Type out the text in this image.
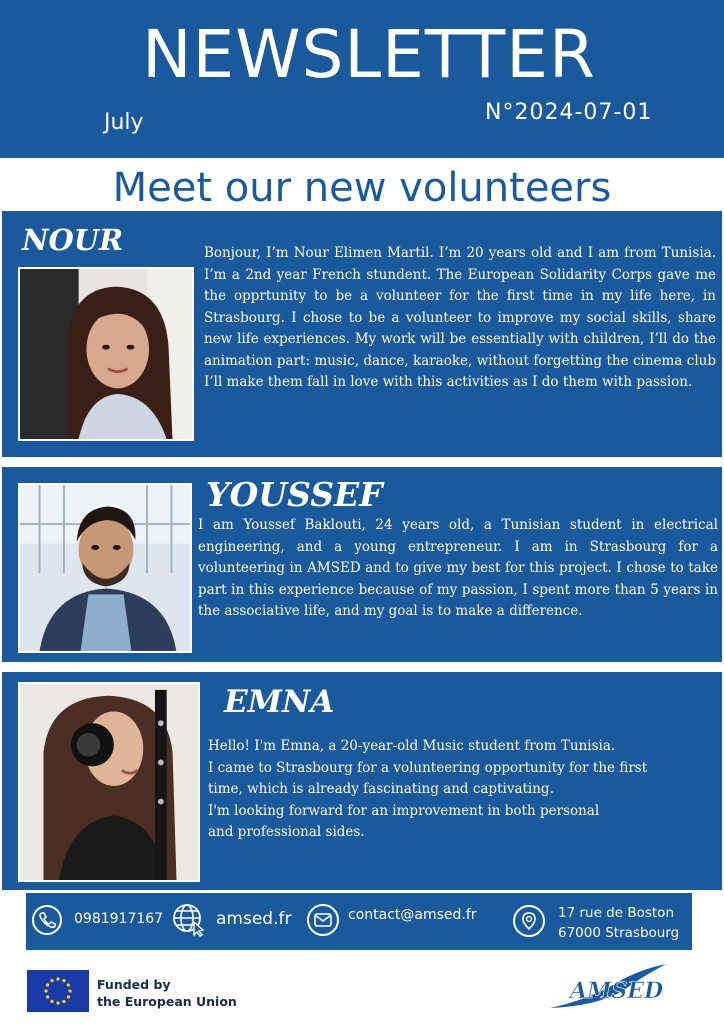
NEWSLETTER
July	N°2024-07-01
Meet our new volunteers
NOUR	Bonjour, I’m Nour Elimen Martil. I’m 20 years old and I am from Tunisia. I’m a 2nd year French stundent. The European Solidarity Corps gave me the opprtunity to be a volunteer for the first time in my life here, in Strasbourg. I chose to be a volunteer to improve my social skills, share new life experiences. My work will be essentially with children, I’ll do the animation part: music, dance, karaoke, without forgetting the cinema club I’ll make them fall in love with this activities as I do them with passion.
YOUSSEF
I am Youssef Baklouti, 24 years old, a Tunisian student in electrical engineering, and a young entrepreneur. I am in Strasbourg for a volunteering in AMSED and to give my best for this project. I chose to take part in this experience because of my passion, I spent more than 5 years in the associative life, and my goal is to make a difference.
EMNA
Hello! I'm Emna, a 20-year-old Music student from Tunisia.
I came to Strasbourg for a volunteering opportunity for the first
time, which is already fascinating and captivating.
I'm looking forward for an improvement in both personal
and professional sides.
0981917167	amsed.fr	contact@amsed.fr	17 rue de Boston
67000 Strasbourg
Funded by
the European Union	AMSED
